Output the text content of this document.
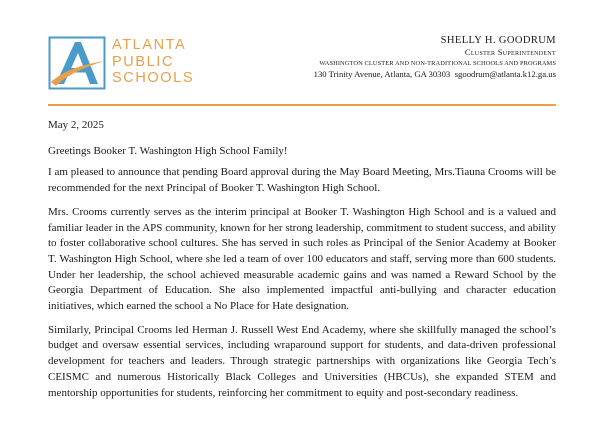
ATLANTA
PUBLIC
SCHOOLS
SHELLY H. GOODRUM
Cluster Superintendent
WASHINGTON CLUSTER AND NON-TRADITIONAL SCHOOLS AND PROGRAMS
130 Trinity Avenue, Atlanta, GA 30303 sgoodrum@atlanta.k12.ga.us

May 2, 2025

Greetings Booker T. Washington High School Family!

I am pleased to announce that pending Board approval during the May Board Meeting, Mrs.Tiauna Crooms will be recommended for the next Principal of Booker T. Washington High School.

Mrs. Crooms currently serves as the interim principal at Booker T. Washington High School and is a valued and familiar leader in the APS community, known for her strong leadership, commitment to student success, and ability to foster collaborative school cultures. She has served in such roles as Principal of the Senior Academy at Booker T. Washington High School, where she led a team of over 100 educators and staff, serving more than 600 students. Under her leadership, the school achieved measurable academic gains and was named a Reward School by the Georgia Department of Education. She also implemented impactful anti-bullying and character education initiatives, which earned the school a No Place for Hate designation.

Similarly, Principal Crooms led Herman J. Russell West End Academy, where she skillfully managed the school’s budget and oversaw essential services, including wraparound support for students, and data-driven professional development for teachers and leaders. Through strategic partnerships with organizations like Georgia Tech’s CEISMC and numerous Historically Black Colleges and Universities (HBCUs), she expanded STEM and mentorship opportunities for students, reinforcing her commitment to equity and post-secondary readiness.
